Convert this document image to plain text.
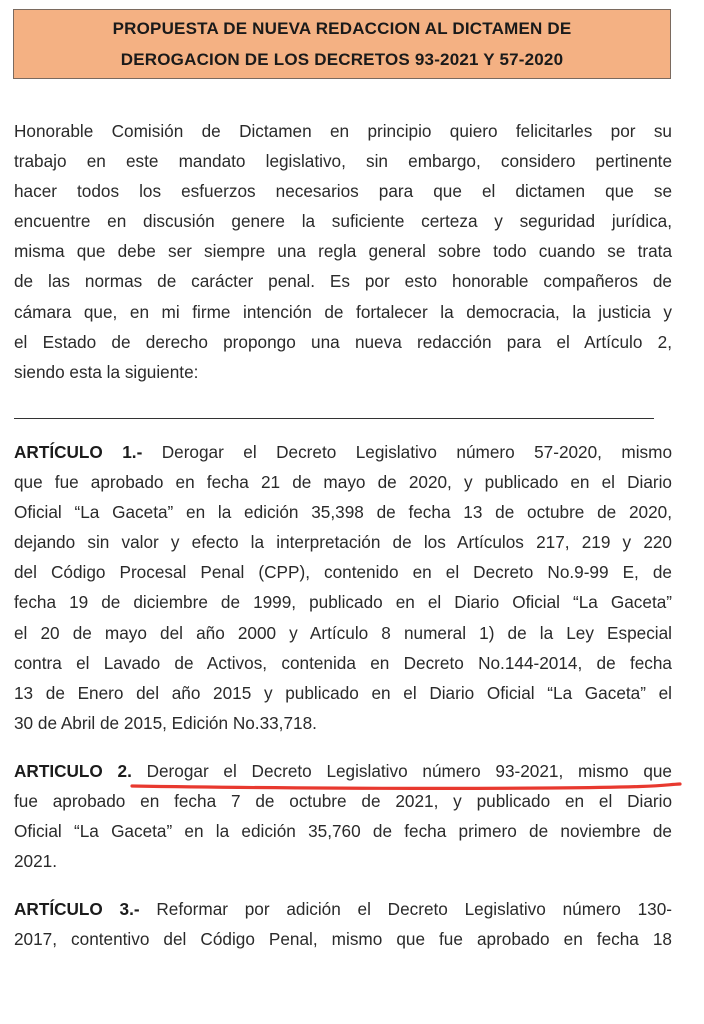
PROPUESTA DE NUEVA REDACCION AL DICTAMEN DE
DEROGACION DE LOS DECRETOS 93-2021 Y 57-2020
Honorable Comisión de Dictamen en principio quiero felicitarles por su
trabajo en este mandato legislativo, sin embargo, considero pertinente
hacer todos los esfuerzos necesarios para que el dictamen que se
encuentre en discusión genere la suficiente certeza y seguridad jurídica,
misma que debe ser siempre una regla general sobre todo cuando se trata
de las normas de carácter penal. Es por esto honorable compañeros de
cámara que, en mi firme intención de fortalecer la democracia, la justicia y
el Estado de derecho propongo una nueva redacción para el Artículo 2,
siendo esta la siguiente:
ARTÍCULO 1.- Derogar el Decreto Legislativo número 57-2020, mismo
que fue aprobado en fecha 21 de mayo de 2020, y publicado en el Diario
Oficial “La Gaceta” en la edición 35,398 de fecha 13 de octubre de 2020,
dejando sin valor y efecto la interpretación de los Artículos 217, 219 y 220
del Código Procesal Penal (CPP), contenido en el Decreto No.9-99 E, de
fecha 19 de diciembre de 1999, publicado en el Diario Oficial “La Gaceta”
el 20 de mayo del año 2000 y Artículo 8 numeral 1) de la Ley Especial
contra el Lavado de Activos, contenida en Decreto No.144-2014, de fecha
13 de Enero del año 2015 y publicado en el Diario Oficial “La Gaceta” el
30 de Abril de 2015, Edición No.33,718.
ARTICULO 2. Derogar el Decreto Legislativo número 93-2021, mismo que
fue aprobado en fecha 7 de octubre de 2021, y publicado en el Diario
Oficial “La Gaceta” en la edición 35,760 de fecha primero de noviembre de
2021.
ARTÍCULO 3.- Reformar por adición el Decreto Legislativo número 130-
2017, contentivo del Código Penal, mismo que fue aprobado en fecha 18
